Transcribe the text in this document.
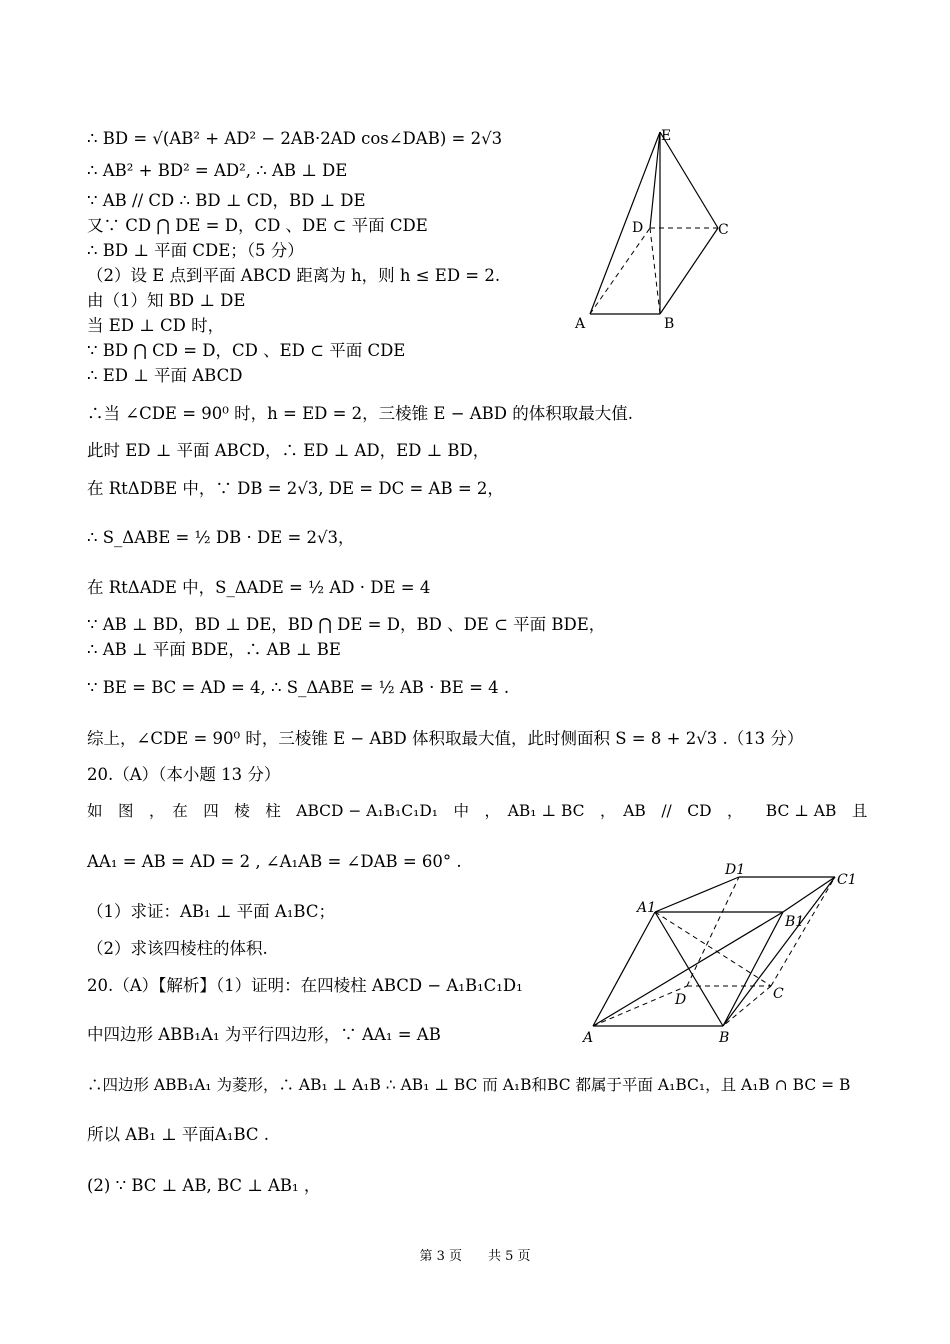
∴ BD = √(AB² + AD² − 2AB·2AD cos∠DAB) = 2√3
∴ AB² + BD² = AD², ∴ AB ⊥ DE
∵ AB // CD ∴ BD ⊥ CD，BD ⊥ DE
又∵ CD ⋂ DE = D，CD 、DE ⊂ 平面 CDE
∴ BD ⊥ 平面 CDE；（5 分）
（2）设 E 点到平面 ABCD 距离为 h，则 h ≤ ED = 2.
由（1）知 BD ⊥ DE
当 ED ⊥ CD 时，
∵ BD ⋂ CD = D，CD 、ED ⊂ 平面 CDE
∴ ED ⊥ 平面 ABCD
∴当 ∠CDE = 90⁰ 时，h = ED = 2，三棱锥 E − ABD 的体积取最大值.
此时 ED ⊥ 平面 ABCD，∴ ED ⊥ AD，ED ⊥ BD，
在 RtΔDBE 中，∵ DB = 2√3, DE = DC = AB = 2，
∴ S_ΔABE = ½ DB · DE = 2√3，
在 RtΔADE 中，S_ΔADE = ½ AD · DE = 4
∵ AB ⊥ BD，BD ⊥ DE，BD ⋂ DE = D，BD 、DE ⊂ 平面 BDE，
∴ AB ⊥ 平面 BDE，∴ AB ⊥ BE
∵ BE = BC = AD = 4, ∴ S_ΔABE = ½ AB · BE = 4 .
综上，∠CDE = 90⁰ 时，三棱锥 E − ABD 体积取最大值，此时侧面积 S = 8 + 2√3 .（13 分）
20.（A）（本小题 13 分）
如　图　，　在　四　棱　柱　ABCD − A₁B₁C₁D₁　中　，　AB₁ ⊥ BC　，　AB　//　CD　，　　BC ⊥ AB　且
AA₁ = AB = AD = 2 , ∠A₁AB = ∠DAB = 60° .
（1）求证：AB₁ ⊥ 平面 A₁BC；
（2）求该四棱柱的体积.
20.（A）【解析】（1）证明：在四棱柱 ABCD − A₁B₁C₁D₁
中四边形 ABB₁A₁ 为平行四边形，∵ AA₁ = AB
∴四边形 ABB₁A₁ 为菱形，∴ AB₁ ⊥ A₁B ∴ AB₁ ⊥ BC 而 A₁B和BC 都属于平面 A₁BC₁，且 A₁B ∩ BC = B
所以 AB₁ ⊥ 平面A₁BC .
(2) ∵ BC ⊥ AB, BC ⊥ AB₁ ，
E
D	C
A	B
D1
C1
A1
B1
D	C
A	B
第 3 页　　共 5 页
